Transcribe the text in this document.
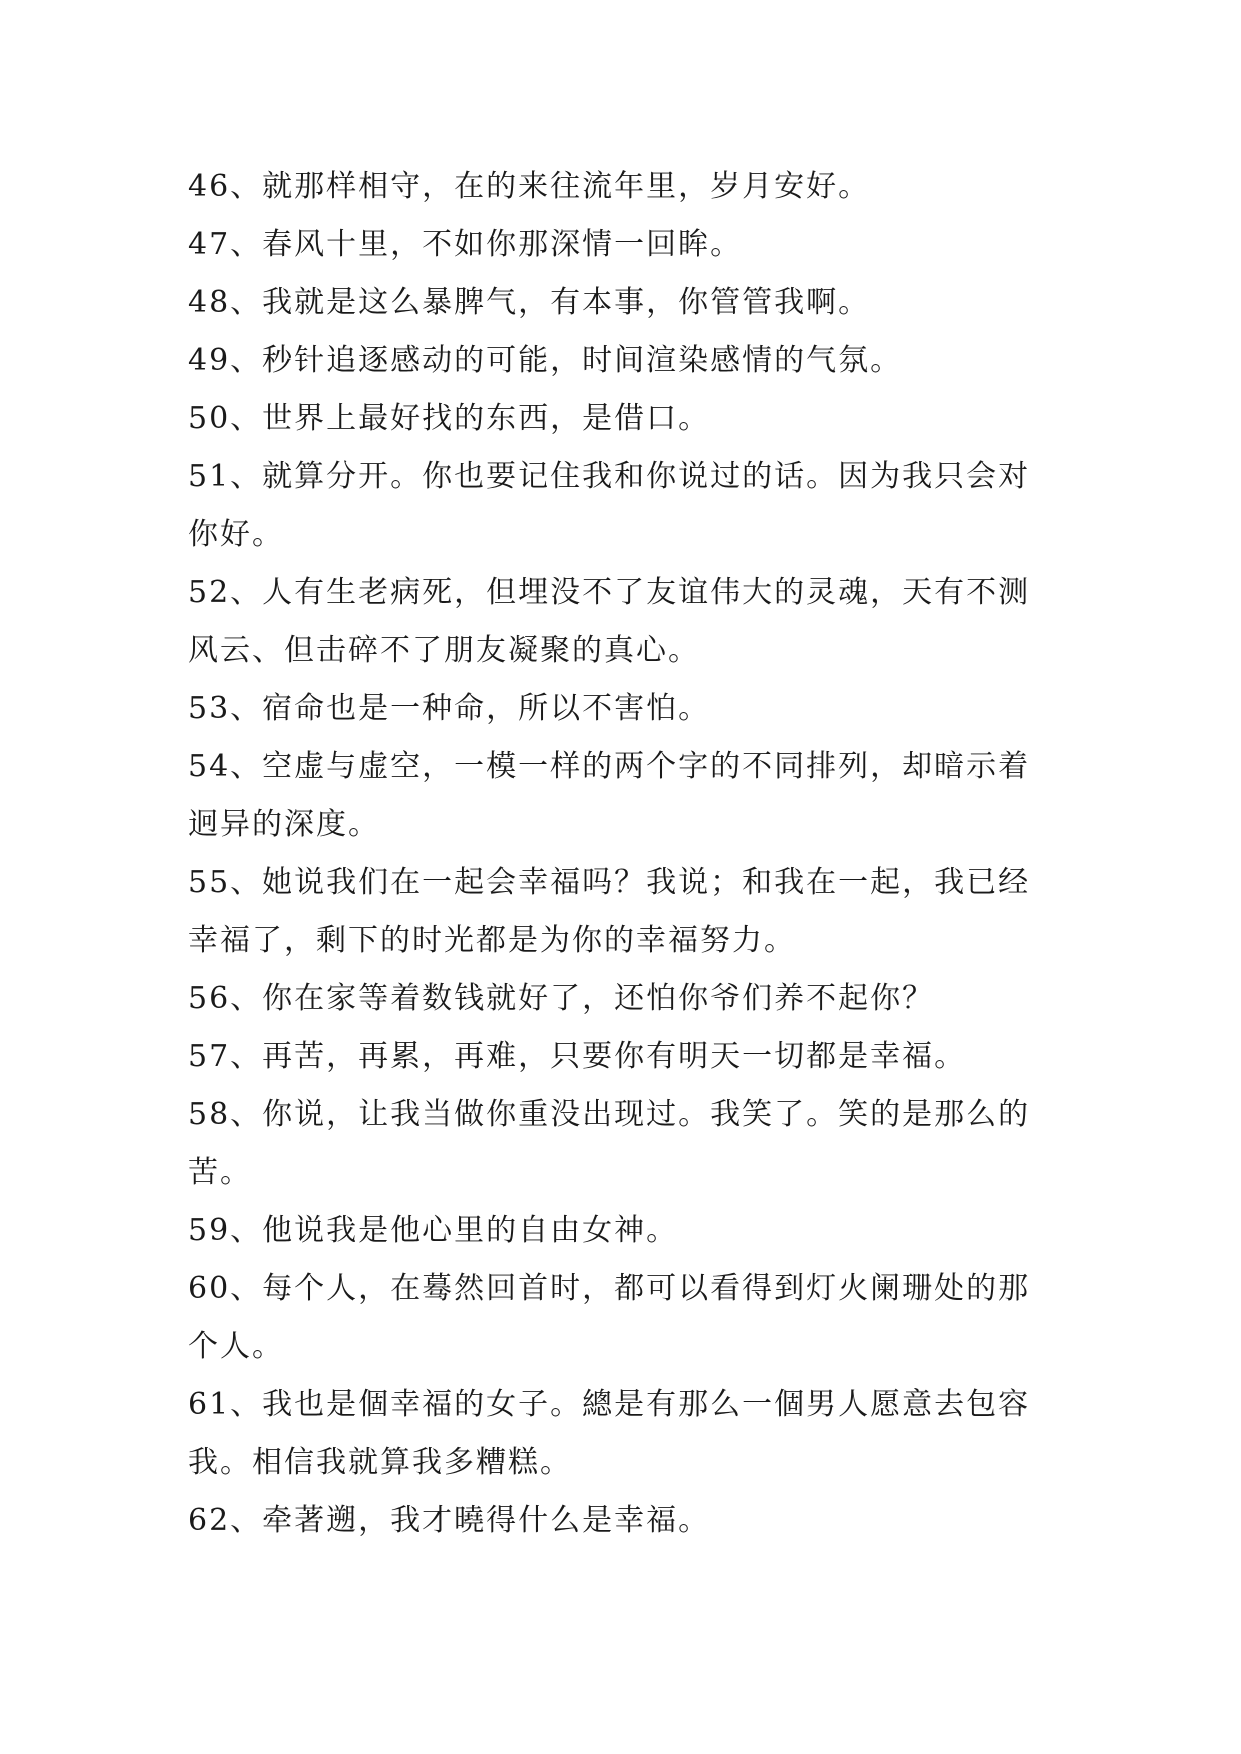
46、就那样相守，在的来往流年里，岁月安好。

47、春风十里，不如你那深情一回眸。

48、我就是这么暴脾气，有本事，你管管我啊。

49、秒针追逐感动的可能，时间渲染感情的气氛。

50、世界上最好找的东西，是借口。

51、就算分开。你也要记住我和你说过的话。因为我只会对
你好。

52、人有生老病死，但埋没不了友谊伟大的灵魂，天有不测
风云、但击碎不了朋友凝聚的真心。

53、宿命也是一种命，所以不害怕。

54、空虚与虚空，一模一样的两个字的不同排列，却暗示着
迥异的深度。

55、她说我们在一起会幸福吗？我说；和我在一起，我已经
幸福了，剩下的时光都是为你的幸福努力。

56、你在家等着数钱就好了，还怕你爷们养不起你？

57、再苦，再累，再难，只要你有明天一切都是幸福。

58、你说，让我当做你重没出现过。我笑了。笑的是那么的
苦。

59、他说我是他心里的自由女神。

60、每个人，在蓦然回首时，都可以看得到灯火阑珊处的那
个人。

61、我也是個幸福的女子。總是有那么一個男人愿意去包容
我。相信我就算我多糟糕。

62、牵著遡，我才曉得什么是幸福。
